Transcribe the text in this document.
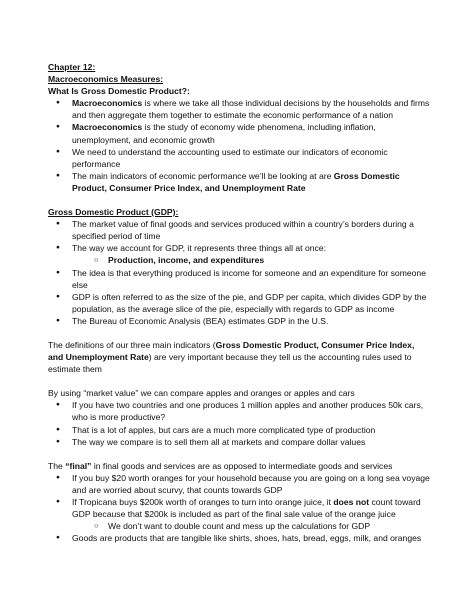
Chapter 12:
Macroeconomics Measures:
What Is Gross Domestic Product?:
● Macroeconomics is where we take all those individual decisions by the households and firms and then aggregate them together to estimate the economic performance of a nation
● Macroeconomics is the study of economy wide phenomena, including inflation, unemployment, and economic growth
● We need to understand the accounting used to estimate our indicators of economic performance
● The main indicators of economic performance we’ll be looking at are Gross Domestic Product, Consumer Price Index, and Unemployment Rate
Gross Domestic Product (GDP):
● The market value of final goods and services produced within a country’s borders during a specified period of time
● The way we account for GDP, it represents three things all at once:
○ Production, income, and expenditures
● The idea is that everything produced is income for someone and an expenditure for someone else
● GDP is often referred to as the size of the pie, and GDP per capita, which divides GDP by the population, as the average slice of the pie, especially with regards to GDP as income
● The Bureau of Economic Analysis (BEA) estimates GDP in the U.S.
The definitions of our three main indicators (Gross Domestic Product, Consumer Price Index, and Unemployment Rate) are very important because they tell us the accounting rules used to estimate them
By using “market value” we can compare apples and oranges or apples and cars
● If you have two countries and one produces 1 million apples and another produces 50k cars, who is more productive?
● That is a lot of apples, but cars are a much more complicated type of production
● The way we compare is to sell them all at markets and compare dollar values
The “final” in final goods and services are as opposed to intermediate goods and services
● If you buy $20 worth oranges for your household because you are going on a long sea voyage and are worried about scurvy, that counts towards GDP
● If Tropicana buys $200k worth of oranges to turn into orange juice, it does not count toward GDP because that $200k is included as part of the final sale value of the orange juice
○ We don’t want to double count and mess up the calculations for GDP
● Goods are products that are tangible like shirts, shoes, hats, bread, eggs, milk, and oranges
